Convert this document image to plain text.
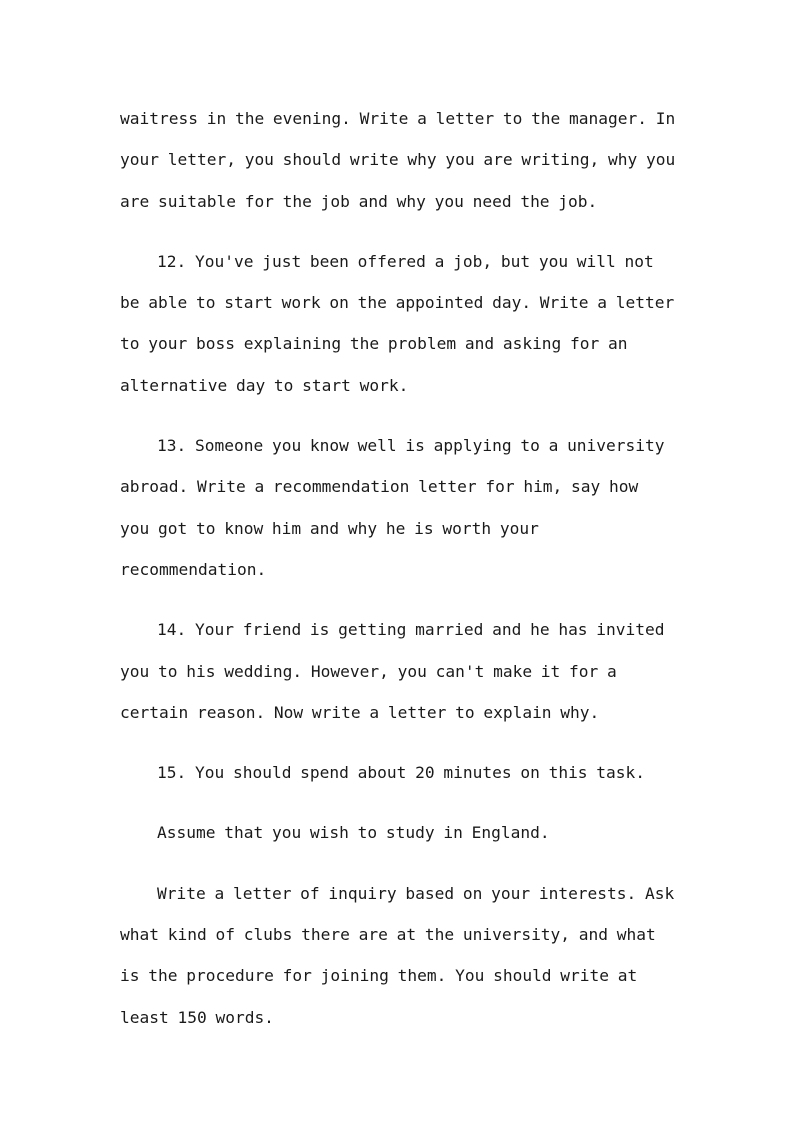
waitress in the evening. Write a letter to the manager. In your letter, you should write why you are writing, why you are suitable for the job and why you need the job.

12. You've just been offered a job, but you will not be able to start work on the appointed day. Write a letter to your boss explaining the problem and asking for an alternative day to start work.

13. Someone you know well is applying to a university abroad. Write a recommendation letter for him, say how you got to know him and why he is worth your recommendation.

14. Your friend is getting married and he has invited you to his wedding. However, you can't make it for a certain reason. Now write a letter to explain why.

15. You should spend about 20 minutes on this task.

Assume that you wish to study in England.

Write a letter of inquiry based on your interests. Ask what kind of clubs there are at the university, and what is the procedure for joining them. You should write at least 150 words.
